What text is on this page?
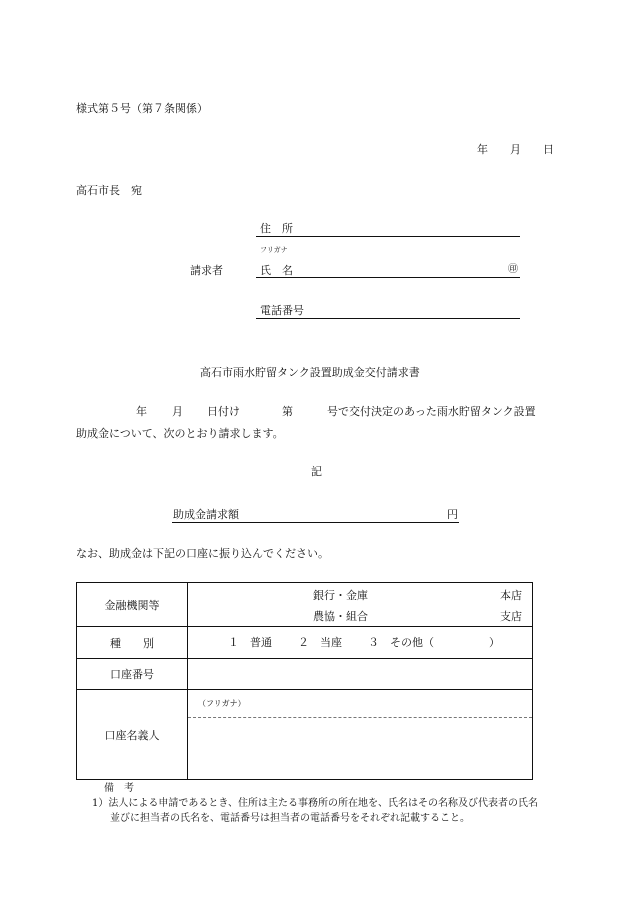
様式第５号（第７条関係）
年 月 日
高石市長　宛
住　所
フリガナ
請求者	氏　名	㊞
電話番号
高石市雨水貯留タンク設置助成金交付請求書
年 月 日付け	第	号で交付決定のあった雨水貯留タンク設置
助成金について、次のとおり請求します。
記
助成金請求額	円
なお、助成金は下記の口座に振り込んでください。
金融機関等	銀行・金庫 本店
農協・組合 支店

種　　別	１　普通 ２　当座 ３　その他（　　　　　）

口座番号	
口座名義人	（フリガナ）
備　考
1）法人による申請であるとき、住所は主たる事務所の所在地を、氏名はその名称及び代表者の氏名
並びに担当者の氏名を、電話番号は担当者の電話番号をそれぞれ記載すること。
